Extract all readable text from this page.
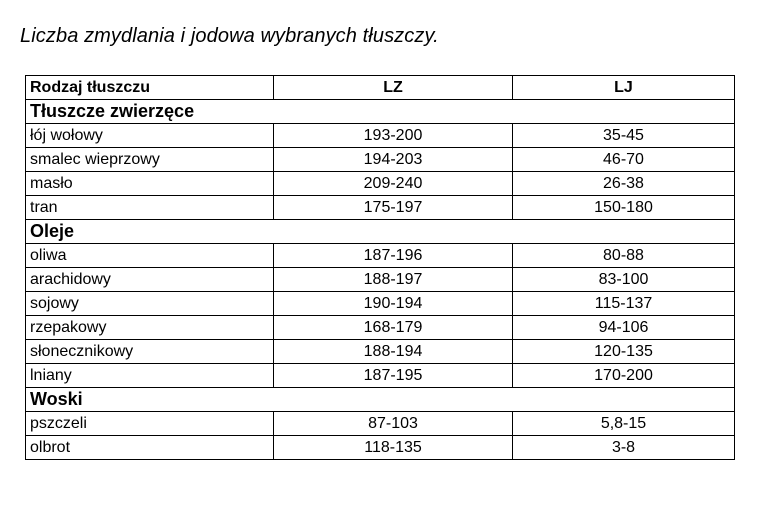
Liczba zmydlania i jodowa wybranych tłuszczy.
Rodzaj tłuszczu	LZ	LJ
Tłuszcze zwierzęce		
łój wołowy	193-200	35-45
smalec wieprzowy	194-203	46-70
masło	209-240	26-38
tran	175-197	150-180
Oleje		
oliwa	187-196	80-88
arachidowy	188-197	83-100
sojowy	190-194	115-137
rzepakowy	168-179	94-106
słonecznikowy	188-194	120-135
lniany	187-195	170-200
Woski		
pszczeli	87-103	5,8-15
olbrot	118-135	3-8
